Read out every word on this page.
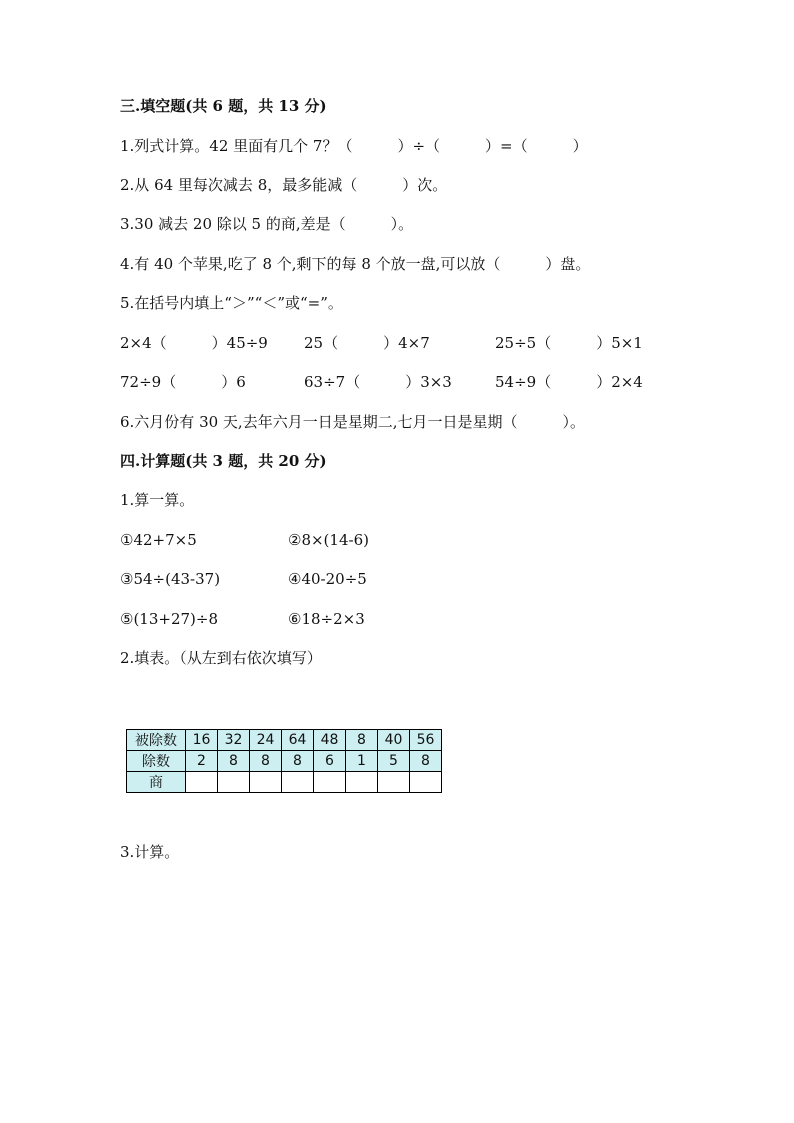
三.填空题(共 6 题，共 13 分)
1.列式计算。42 里面有几个 7？（　　　）÷（　　　）=（　　　）
2.从 64 里每次减去 8，最多能减（　　　）次。
3.30 减去 20 除以 5 的商,差是（　　　）。
4.有 40 个苹果,吃了 8 个,剩下的每 8 个放一盘,可以放（　　　）盘。
5.在括号内填上“＞”“＜”或“=”。
2×4（　　　）45÷9 25（　　　）4×7	25÷5（　　　）5×1
72÷9（　　　）6	63÷7（　　　）3×3	54÷9（　　　）2×4
6.六月份有 30 天,去年六月一日是星期二,七月一日是星期（　　　）。
四.计算题(共 3 题，共 20 分)
1.算一算。
①42+7×5	②8×(14-6)
③54÷(43-37)	④40-20÷5
⑤(13+27)÷8	⑥18÷2×3
2.填表。（从左到右依次填写）
被除数	16	32	24	64	48	8	40	56
除数	2	8	8	8	6	1	5	8
商								
3.计算。
